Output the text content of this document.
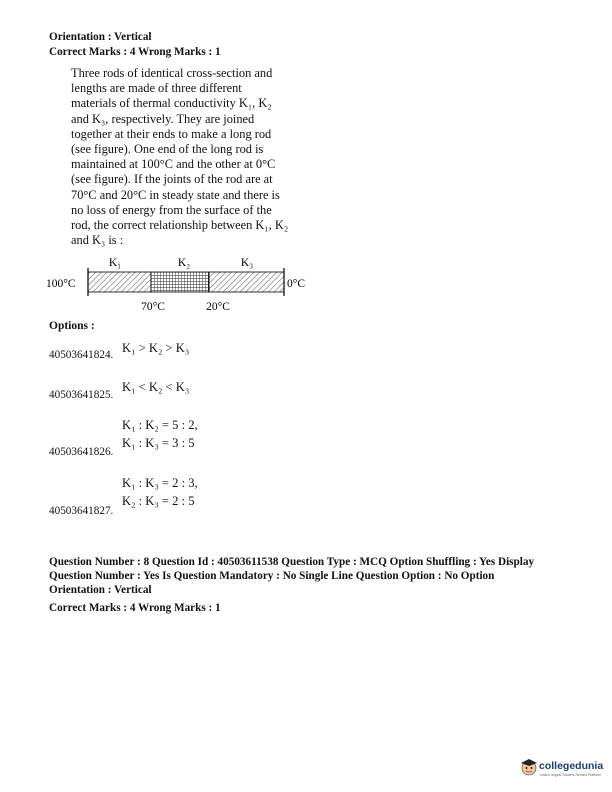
Orientation : Vertical
Correct Marks : 4 Wrong Marks : 1
Three rods of identical cross-section and
lengths are made of three different
materials of thermal conductivity K₁, K₂
and K₃, respectively. They are joined
together at their ends to make a long rod
(see figure). One end of the long rod is
maintained at 100°C and the other at 0°C
(see figure). If the joints of the rod are at
70°C and 20°C in steady state and there is
no loss of energy from the surface of the
rod, the correct relationship between K₁, K₂
and K₃ is :
K₁	K₂	K₃
100°C	0°C
70°C	20°C
Options :
40503641824. K₁ > K₂ > K₃
40503641825.
K₁ < K₂ < K₃
40503641826.
K₁ : K₂ = 5 : 2,
K₁ : K₃ = 3 : 5
40503641827.
K₁ : K₃ = 2 : 3,
K₂ : K₃ = 2 : 5
Question Number : 8 Question Id : 40503611538 Question Type : MCQ Option Shuffling : Yes Display
Question Number : Yes Is Question Mandatory : No Single Line Question Option : No Option
Orientation : Vertical
Correct Marks : 4 Wrong Marks : 1
collegedunia
India's largest Student Review Platform
